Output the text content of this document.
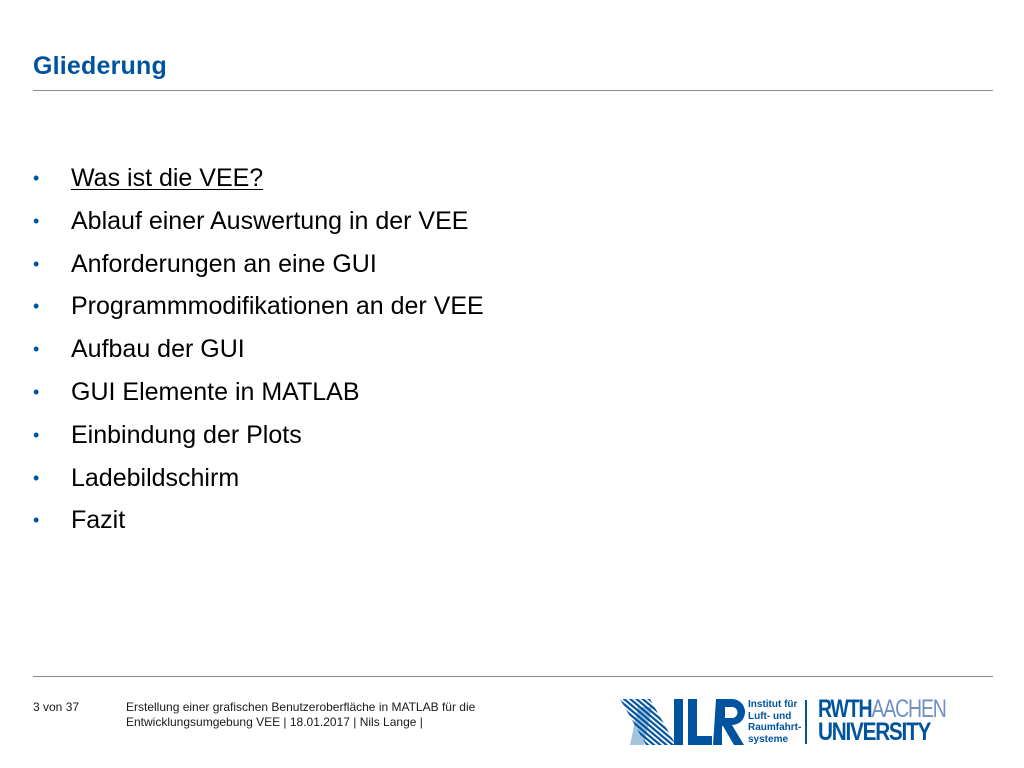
Gliederung
•	Was ist die VEE?
•	Ablauf einer Auswertung in der VEE
•	Anforderungen an eine GUI
•	Programmmodifikationen an der VEE
•	Aufbau der GUI
•	GUI Elemente in MATLAB
•	Einbindung der Plots
•	Ladebildschirm
•	Fazit
3 von 37	Erstellung einer grafischen Benutzeroberfläche in MATLAB für die
Entwicklungsumgebung VEE | 18.01.2017 | Nils Lange |
Institut für
Luft- und
Raumfahrt-
systeme
RWTHAACHEN
UNIVERSITY
